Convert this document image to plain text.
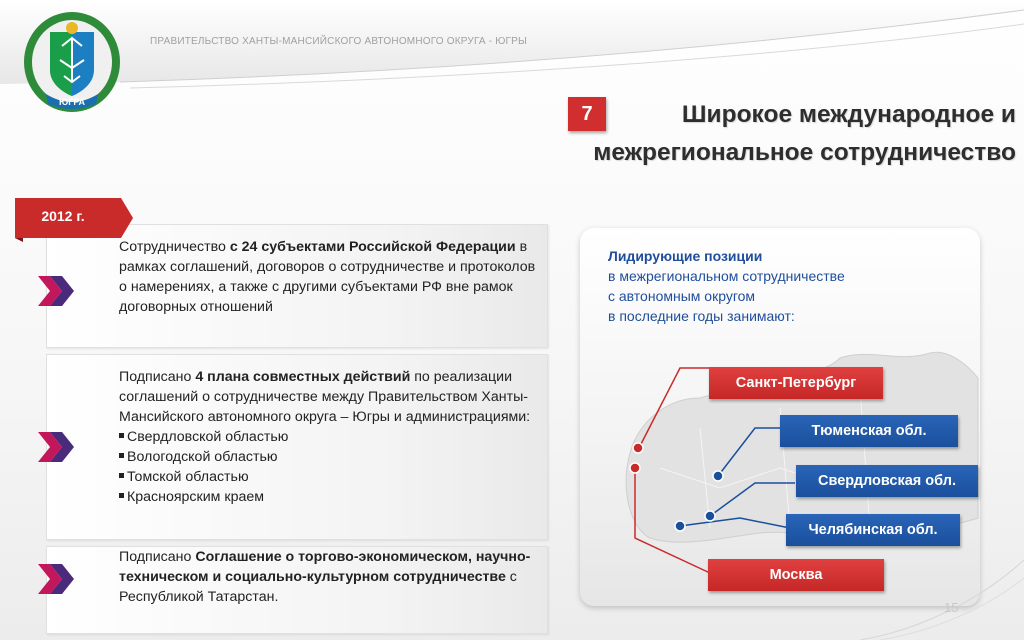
ПРАВИТЕЛЬСТВО ХАНТЫ-МАНСИЙСКОГО АВТОНОМНОГО ОКРУГА - ЮГРЫ
ЮГРА
7	Широкое международное и
межрегиональное сотрудничество
Сотрудничество с 24 субъектами Российской Федерации в рамках соглашений, договоров о сотрудничестве и протоколов о намерениях, а также с другими субъектами РФ вне рамок договорных отношений
Подписано 4 плана совместных действий по реализации соглашений о сотрудничестве между Правительством Ханты-Мансийского автономного округа – Югры и администрациями:
Свердловской областью
Вологодской областью
Томской областью
Красноярским краем
Подписано Соглашение о торгово-экономическом, научно-техническом и социально-культурном сотрудничестве с Республикой Татарстан.
2012 г.
Лидирующие позиции
в межрегиональном сотрудничестве
с автономным округом
в последние годы занимают:
Санкт-Петербург
Тюменская обл.
Свердловская обл.
Челябинская обл.
Москва
15
